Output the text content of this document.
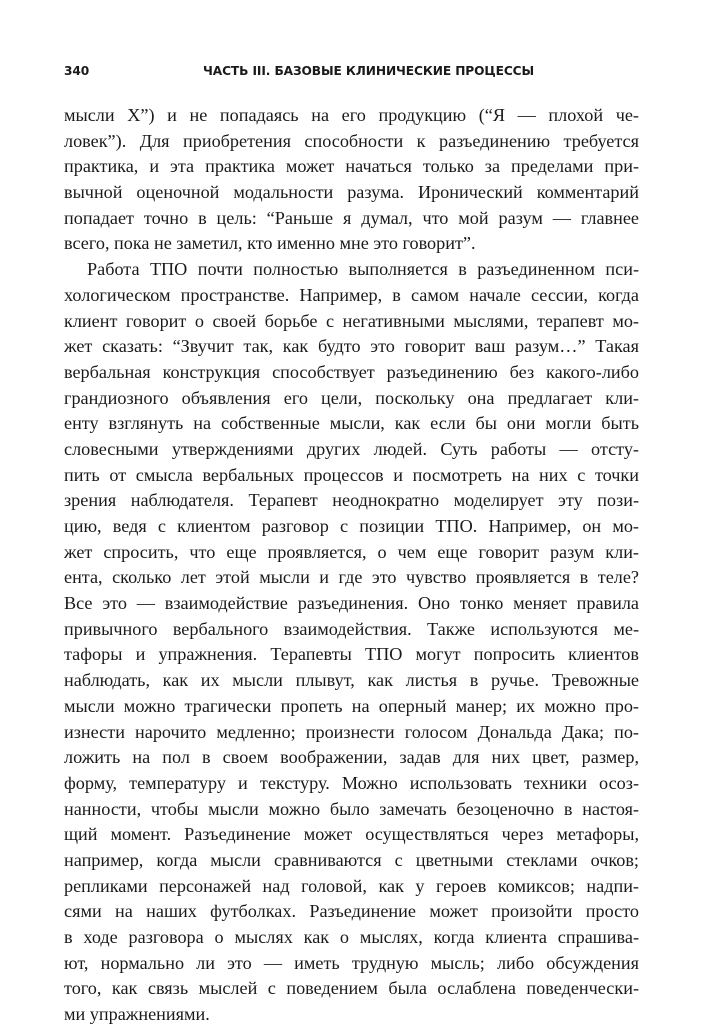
340	ЧАСТЬ III. БАЗОВЫЕ КЛИНИЧЕСКИЕ ПРОЦЕССЫ
мысли X”) и не попадаясь на его продукцию (“Я — плохой че-
ловек”). Для приобретения способности к разъединению требуется
практика, и эта практика может начаться только за пределами при-
вычной оценочной модальности разума. Иронический комментарий
попадает точно в цель: “Раньше я думал, что мой разум — главнее
всего, пока не заметил, кто именно мне это говорит”.
Работа ТПО почти полностью выполняется в разъединенном пси-
хологическом пространстве. Например, в самом начале сессии, когда
клиент говорит о своей борьбе с негативными мыслями, терапевт мо-
жет сказать: “Звучит так, как будто это говорит ваш разум…” Такая
вербальная конструкция способствует разъединению без какого-либо
грандиозного объявления его цели, поскольку она предлагает кли-
енту взглянуть на собственные мысли, как если бы они могли быть
словесными утверждениями других людей. Суть работы — отсту-
пить от смысла вербальных процессов и посмотреть на них с точки
зрения наблюдателя. Терапевт неоднократно моделирует эту пози-
цию, ведя с клиентом разговор с позиции ТПО. Например, он мо-
жет спросить, что еще проявляется, о чем еще говорит разум кли-
ента, сколько лет этой мысли и где это чувство проявляется в теле?
Все это — взаимодействие разъединения. Оно тонко меняет правила
привычного вербального взаимодействия. Также используются ме-
тафоры и упражнения. Терапевты ТПО могут попросить клиентов
наблюдать, как их мысли плывут, как листья в ручье. Тревожные
мысли можно трагически пропеть на оперный манер; их можно про-
изнести нарочито медленно; произнести голосом Дональда Дака; по-
ложить на пол в своем воображении, задав для них цвет, размер,
форму, температуру и текстуру. Можно использовать техники осоз-
нанности, чтобы мысли можно было замечать безоценочно в настоя-
щий момент. Разъединение может осуществляться через метафоры,
например, когда мысли сравниваются с цветными стеклами очков;
репликами персонажей над головой, как у героев комиксов; надпи-
сями на наших футболках. Разъединение может произойти просто
в ходе разговора о мыслях как о мыслях, когда клиента спрашива-
ют, нормально ли это — иметь трудную мысль; либо обсуждения
того, как связь мыслей с поведением была ослаблена поведенчески-
ми упражнениями.
